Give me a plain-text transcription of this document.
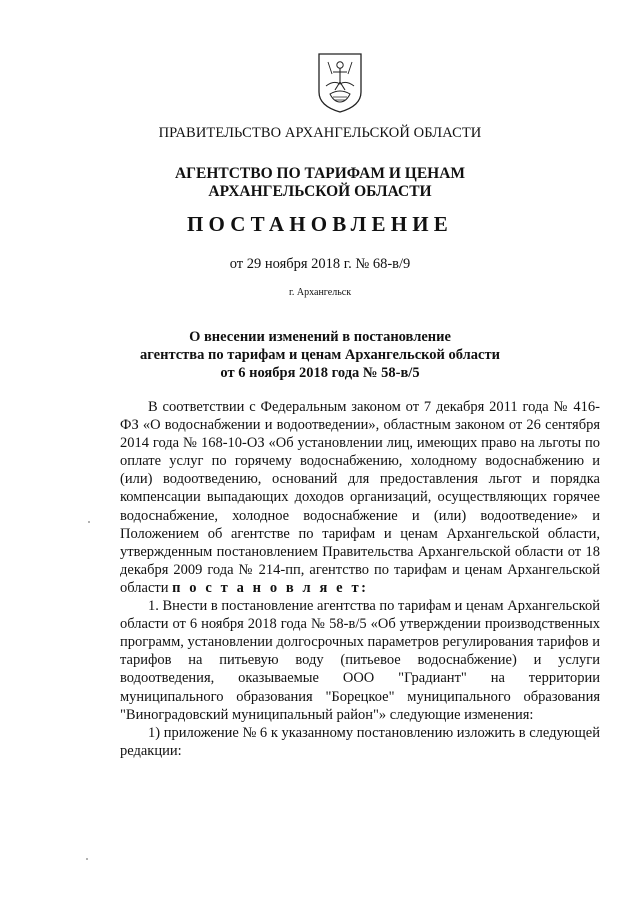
ПРАВИТЕЛЬСТВО АРХАНГЕЛЬСКОЙ ОБЛАСТИ
АГЕНТСТВО ПО ТАРИФАМ И ЦЕНАМ
АРХАНГЕЛЬСКОЙ ОБЛАСТИ
ПОСТАНОВЛЕНИЕ
от 29 ноября 2018 г. № 68-в/9
г. Архангельск
О внесении изменений в постановление
агентства по тарифам и ценам Архангельской области
от 6 ноября 2018 года № 58-в/5

В соответствии с Федеральным законом от 7 декабря 2011 года № 416-ФЗ «О водоснабжении и водоотведении», областным законом от 26 сентября 2014 года № 168-10-ОЗ «Об установлении лиц, имеющих право на льготы по оплате услуг по горячему водоснабжению, холодному водоснабжению и (или) водоотведению, оснований для предоставления льгот и порядка компенсации выпадающих доходов организаций, осуществляющих горячее водоснабжение, холодное водоснабжение и (или) водоотведение» и Положением об агентстве по тарифам и ценам Архангельской области, утвержденным постановлением Правительства Архангельской области от 18 декабря 2009 года № 214-пп, агентство по тарифам и ценам Архангельской области п о с т а н о в л я е т:

1. Внести в постановление агентства по тарифам и ценам Архангельской области от 6 ноября 2018 года № 58-в/5 «Об утверждении производственных программ, установлении долгосрочных параметров регулирования тарифов и тарифов на питьевую воду (питьевое водоснабжение) и услуги водоотведения, оказываемые ООО "Градиант" на территории муниципального образования "Борецкое" муниципального образования "Виноградовский муниципальный район"» следующие изменения:

1) приложение № 6 к указанному постановлению изложить в следующей редакции:
